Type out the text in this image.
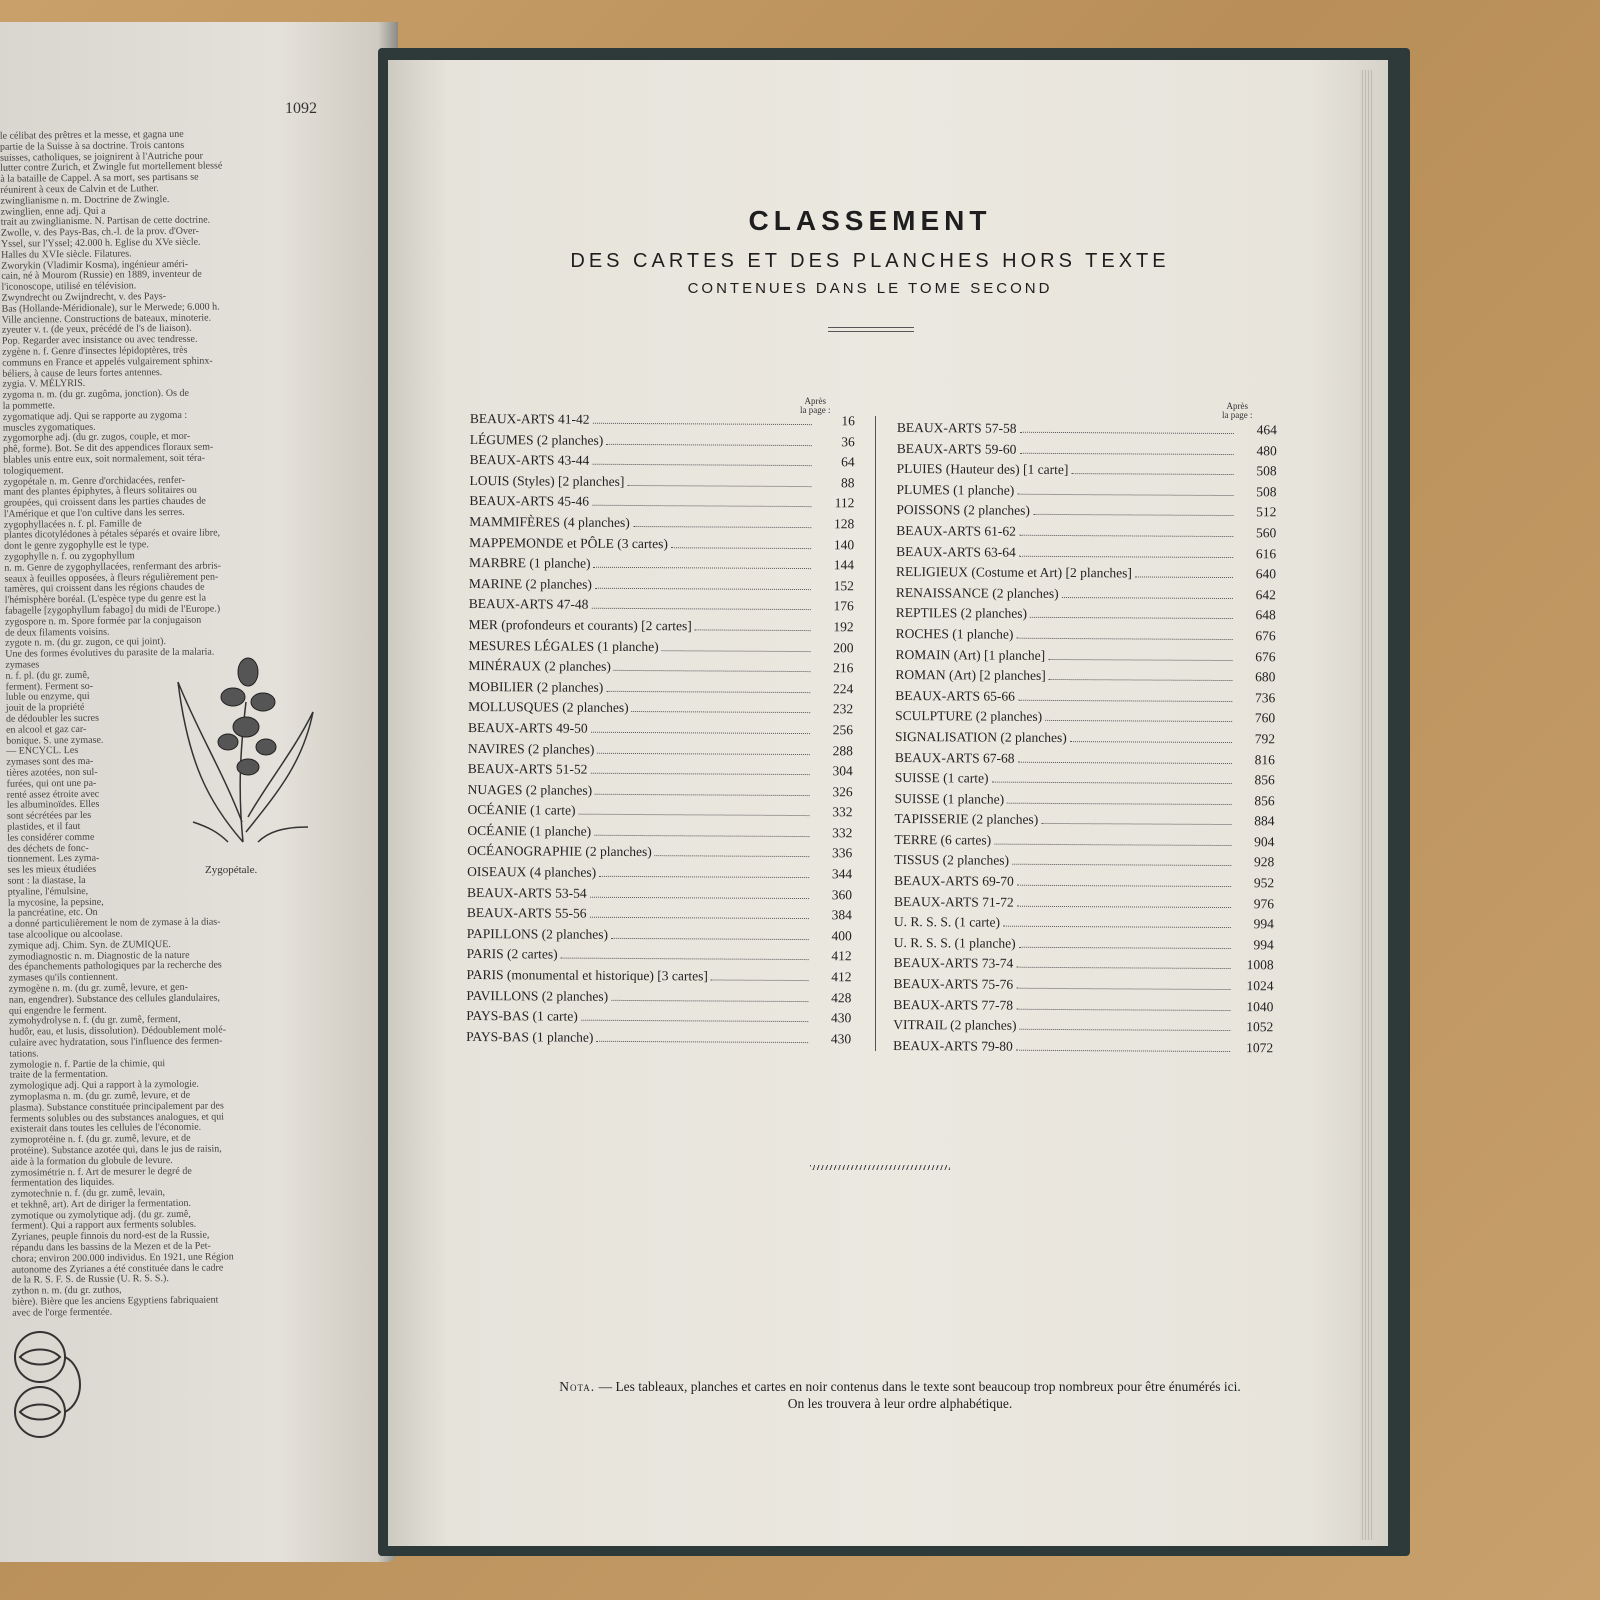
1092

le célibat des prêtres et la messe, et gagna une

partie de la Suisse à sa doctrine. Trois cantons

suisses, catholiques, se joignirent à l'Autriche pour

lutter contre Zurich, et Zwingle fut mortellement blessé

à la bataille de Cappel. A sa mort, ses partisans se

réunirent à ceux de Calvin et de Luther.

zwinglianisme n. m. Doctrine de Zwingle.

zwinglien, enne adj. Qui a

trait au zwinglianisme. N. Partisan de cette doctrine.

Zwolle, v. des Pays-Bas, ch.-l. de la prov. d'Over-

Yssel, sur l'Yssel; 42.000 h. Eglise du XVe siècle.

Halles du XVIe siècle. Filatures.

Zworykin (Vladimir Kosma), ingénieur améri-

cain, né à Mourom (Russie) en 1889, inventeur de

l'iconoscope, utilisé en télévision.

Zwyndrecht ou Zwijndrecht, v. des Pays-

Bas (Hollande-Méridionale), sur le Merwede; 6.000 h.

Ville ancienne. Constructions de bateaux, minoterie.

zyeuter v. t. (de yeux, précédé de l's de liaison).

Pop. Regarder avec insistance ou avec tendresse.

zygène n. f. Genre d'insectes lépidoptères, très

communs en France et appelés vulgairement sphinx-

béliers, à cause de leurs fortes antennes.

zygia. V. MÉLYRIS.

zygoma n. m. (du gr. zugôma, jonction). Os de

la pommette.

zygomatique adj. Qui se rapporte au zygoma :

muscles zygomatiques.

zygomorphe adj. (du gr. zugos, couple, et mor-

phê, forme). Bot. Se dit des appendices floraux sem-

blables unis entre eux, soit normalement, soit téra-

tologiquement.

zygopétale n. m. Genre d'orchidacées, renfer-

mant des plantes épiphytes, à fleurs solitaires ou

groupées, qui croissent dans les parties chaudes de

l'Amérique et que l'on cultive dans les serres.

zygophyllacées n. f. pl. Famille de

plantes dicotylédones à pétales séparés et ovaire libre,

dont le genre zygophylle est le type.

zygophylle n. f. ou zygophyllum

n. m. Genre de zygophyllacées, renfermant des arbris-

seaux à feuilles opposées, à fleurs régulièrement pen-

tamères, qui croissent dans les régions chaudes de

l'hémisphère boréal. (L'espèce type du genre est la

fabagelle [zygophyllum fabago] du midi de l'Europe.)

zygospore n. m. Spore formée par la conjugaison

de deux filaments voisins.

zygote n. m. (du gr. zugon, ce qui joint).

Une des formes évolutives du parasite de la malaria.

zymases

n. f. pl. (du gr. zumê,

ferment). Ferment so-

luble ou enzyme, qui

jouit de la propriété

de dédoubler les sucres

en alcool et gaz car-

bonique. S. une zymase.

— ENCYCL. Les

zymases sont des ma-

tières azotées, non sul-

furées, qui ont une pa-

renté assez étroite avec

les albuminoïdes. Elles

sont sécrétées par les

plastides, et il faut

les considérer comme

des déchets de fonc-

tionnement. Les zyma-

ses les mieux étudiées

sont : la diastase, la

ptyaline, l'émulsine,

la mycosine, la pepsine,

la pancréatine, etc. On

a donné particulièrement le nom de zymase à la dias-

tase alcoolique ou alcoolase.

zymique adj. Chim. Syn. de ZUMIQUE.

zymodiagnostic n. m. Diagnostic de la nature

des épanchements pathologiques par la recherche des

zymases qu'ils contiennent.

zymogène n. m. (du gr. zumê, levure, et gen-

nan, engendrer). Substance des cellules glandulaires,

qui engendre le ferment.

zymohydrolyse n. f. (du gr. zumê, ferment,

hudôr, eau, et lusis, dissolution). Dédoublement molé-

culaire avec hydratation, sous l'influence des fermen-

tations.

zymologie n. f. Partie de la chimie, qui

traite de la fermentation.

zymologique adj. Qui a rapport à la zymologie.

zymoplasma n. m. (du gr. zumê, levure, et de

plasma). Substance constituée principalement par des

ferments solubles ou des substances analogues, et qui

existerait dans toutes les cellules de l'économie.

zymoprotéine n. f. (du gr. zumê, levure, et de

protéine). Substance azotée qui, dans le jus de raisin,

aide à la formation du globule de levure.

zymosimétrie n. f. Art de mesurer le degré de

fermentation des liquides.

zymotechnie n. f. (du gr. zumê, levain,

et tekhnê, art). Art de diriger la fermentation.

zymotique ou zymolytique adj. (du gr. zumê,

ferment). Qui a rapport aux ferments solubles.

Zyrianes, peuple finnois du nord-est de la Russie,

répandu dans les bassins de la Mezen et de la Pet-

chora; environ 200.000 individus. En 1921, une Région

autonome des Zyrianes a été constituée dans le cadre

de la R. S. F. S. de Russie (U. R. S. S.).

zython n. m. (du gr. zuthos,

bière). Bière que les anciens Egyptiens fabriquaient

avec de l'orge fermentée.

Zygopétale.
CLASSEMENT
DES CARTES ET DES PLANCHES HORS TEXTE
CONTENUES DANS LE TOME SECOND
Après
la page :	Après
la page :
BEAUX-ARTS 41-42	16
LÉGUMES (2 planches)	36
BEAUX-ARTS 43-44	64
LOUIS (Styles) [2 planches]	88
BEAUX-ARTS 45-46	112
MAMMIFÈRES (4 planches)	128
MAPPEMONDE et PÔLE (3 cartes)	140
MARBRE (1 planche)	144
MARINE (2 planches)	152
BEAUX-ARTS 47-48	176
MER (profondeurs et courants) [2 cartes]	192
MESURES LÉGALES (1 planche)	200
MINÉRAUX (2 planches)	216
MOBILIER (2 planches)	224
MOLLUSQUES (2 planches)	232
BEAUX-ARTS 49-50	256
NAVIRES (2 planches)	288
BEAUX-ARTS 51-52	304
NUAGES (2 planches)	326
OCÉANIE (1 carte)	332
OCÉANIE (1 planche)	332
OCÉANOGRAPHIE (2 planches)	336
OISEAUX (4 planches)	344
BEAUX-ARTS 53-54	360
BEAUX-ARTS 55-56	384
PAPILLONS (2 planches)	400
PARIS (2 cartes)	412
PARIS (monumental et historique) [3 cartes]	412
PAVILLONS (2 planches)	428
PAYS-BAS (1 carte)	430
PAYS-BAS (1 planche)	430
BEAUX-ARTS 57-58	464
BEAUX-ARTS 59-60	480
PLUIES (Hauteur des) [1 carte]	508
PLUMES (1 planche)	508
POISSONS (2 planches)	512
BEAUX-ARTS 61-62	560
BEAUX-ARTS 63-64	616
RELIGIEUX (Costume et Art) [2 planches]	640
RENAISSANCE (2 planches)	642
REPTILES (2 planches)	648
ROCHES (1 planche)	676
ROMAIN (Art) [1 planche]	676
ROMAN (Art) [2 planches]	680
BEAUX-ARTS 65-66	736
SCULPTURE (2 planches)	760
SIGNALISATION (2 planches)	792
BEAUX-ARTS 67-68	816
SUISSE (1 carte)	856
SUISSE (1 planche)	856
TAPISSERIE (2 planches)	884
TERRE (6 cartes)	904
TISSUS (2 planches)	928
BEAUX-ARTS 69-70	952
BEAUX-ARTS 71-72	976
U. R. S. S. (1 carte)	994
U. R. S. S. (1 planche)	994
BEAUX-ARTS 73-74	1008
BEAUX-ARTS 75-76	1024
BEAUX-ARTS 77-78	1040
VITRAIL (2 planches)	1052
BEAUX-ARTS 79-80	1072
Nota. — Les tableaux, planches et cartes en noir contenus dans le texte sont beaucoup trop nombreux pour être énumérés ici.
On les trouvera à leur ordre alphabétique.
